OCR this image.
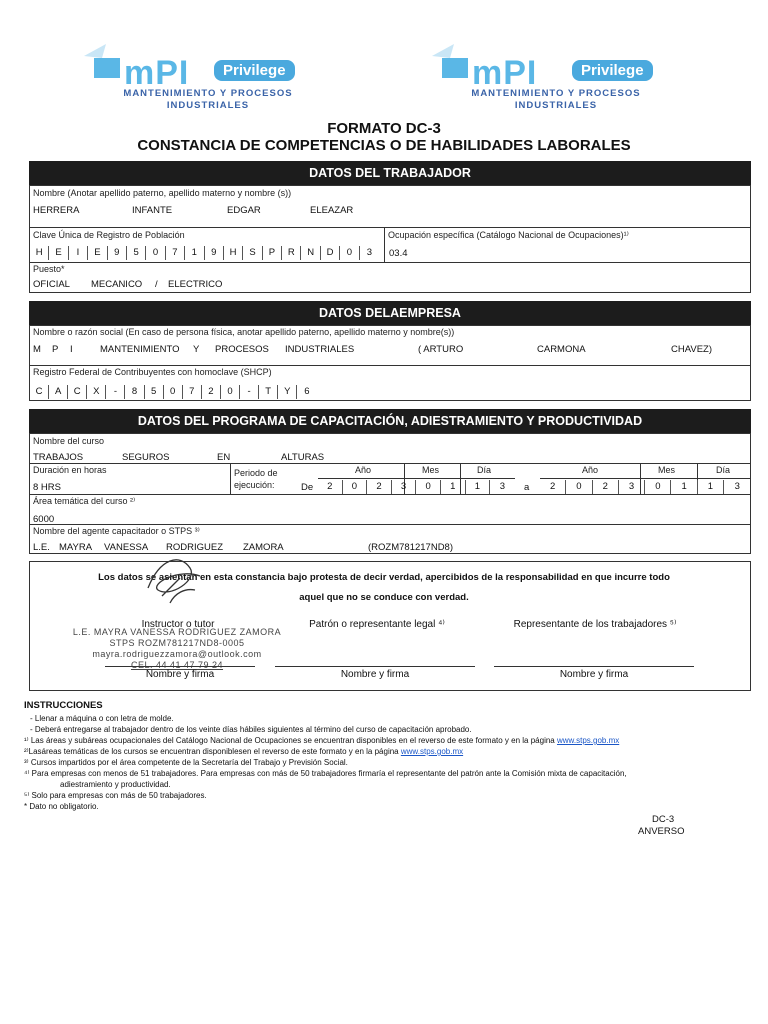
mPI	Privilege
MANTENIMIENTO Y PROCESOS
INDUSTRIALES
mPI	Privilege
MANTENIMIENTO Y PROCESOS
INDUSTRIALES
FORMATO DC-3
CONSTANCIA DE COMPETENCIAS O DE HABILIDADES LABORALES
DATOS DEL TRABAJADOR
Nombre (Anotar apellido paterno, apellido materno y nombre (s))
HERRERA	INFANTE	EDGAR	ELEAZAR
Clave Única de Registro de Población
H	E	I	E	9	5	0	7	1	9	H	S	P	R	N	D	0	3
Ocupación específica (Catálogo Nacional de Ocupaciones)¹⁾
03.4
Puesto*
OFICIAL MECANICO / ELECTRICO
DATOS DELAEMPRESA
Nombre o razón social (En caso de persona física, anotar apellido paterno, apellido materno y nombre(s))
M P I	MANTENIMIENTO Y PROCESOS INDUSTRIALES	( ARTURO	CARMONA	CHAVEZ)
Registro Federal de Contribuyentes con homoclave (SHCP)
C	A	C	X	-	8	5	0	7	2	0	-	T	Y	6
DATOS DEL PROGRAMA DE CAPACITACIÓN, ADIESTRAMIENTO Y PRODUCTIVIDAD
Nombre del curso
TRABAJOS	SEGUROS	EN	ALTURAS
Duración en horas
8 HRS
Periodo de
ejecución:	De	a
Año	Mes	Día	Año	Mes	Día
2	0	2	3	0	1	1	3	2	0	2	3	0	1	1	3
Área temática del curso ²⁾
6000
Nombre del agente capacitador o STPS ³⁾
L.E. MAYRA VANESSA RODRIGUEZ ZAMORA	(ROZM781217ND8)
Los datos se asientan en esta constancia bajo protesta de decir verdad, apercibidos de la responsabilidad en que incurre todo
aquel que no se conduce con verdad.
Instructor o tutor	Patrón o representante legal ⁴⁾	Representante de los trabajadores ⁵⁾
L.E. MAYRA VANESSA RODRIGUEZ ZAMORA
STPS ROZM781217ND8-0005
mayra.rodriguezzamora@outlook.com
CEL. 44 41 47 79 24
Nombre y firma	Nombre y firma	Nombre y firma
INSTRUCCIONES
- Llenar a máquina o con letra de molde.
- Deberá entregarse al trabajador dentro de los veinte días hábiles siguientes al término del curso de capacitación aprobado.
¹⁾ Las áreas y subáreas ocupacionales del Catálogo Nacional de Ocupaciones se encuentran disponibles en el reverso de este formato y en la página www.stps.gob.mx
²⁾Lasáreas temáticas de los cursos se encuentran disponiblesen el reverso de este formato y en la página www.stps.gob.mx
³⁾ Cursos impartidos por el área competente de la Secretaría del Trabajo y Previsión Social.
⁴⁾ Para empresas con menos de 51 trabajadores. Para empresas con más de 50 trabajadores firmaría el representante del patrón ante la Comisión mixta de capacitación,
adiestramiento y productividad.
⁵⁾ Solo para empresas con más de 50 trabajadores.
* Dato no obligatorio.
DC-3
ANVERSO
